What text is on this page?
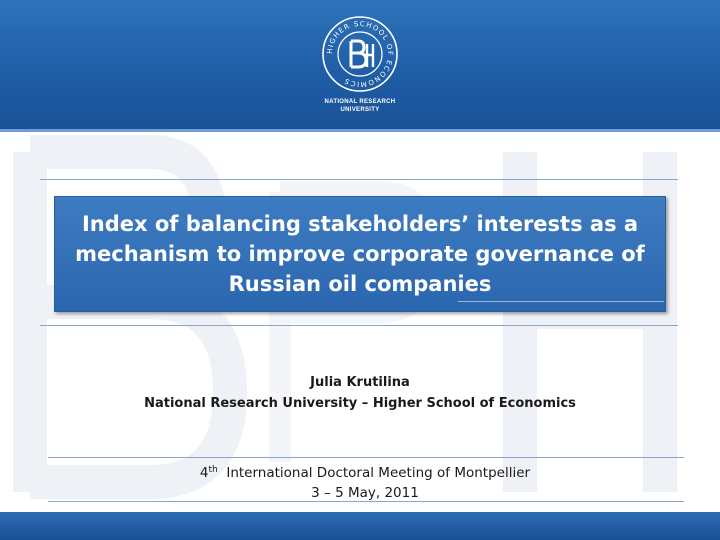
HIGHER SCHOOL OF ECONOMICS
NATIONAL RESEARCH
UNIVERSITY
Index of balancing stakeholders’ interests as a
mechanism to improve corporate governance of
Russian oil companies
Julia Krutilina
National Research University – Higher School of Economics
4th International Doctoral Meeting of Montpellier
3 – 5 May, 2011
